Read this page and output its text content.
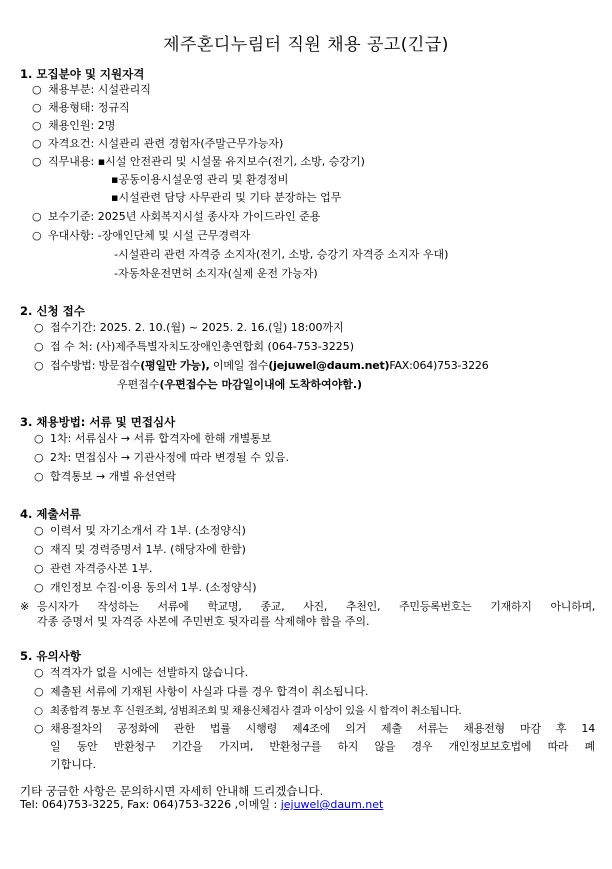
제주혼디누림터 직원 채용 공고(긴급)
1. 모집분야 및 지원자격
○ 채용부분: 시설관리직
○ 채용형태: 정규직
○ 채용인원: 2명
○ 자격요건: 시설관리 관련 경험자(주말근무가능자)
○ 직무내용: ▪시설 안전관리 및 시설물 유지보수(전기, 소방, 승강기)
▪공동이용시설운영 관리 및 환경정비
▪시설관련 담당 사무관리 및 기타 분장하는 업무
○ 보수기준: 2025년 사회복지시설 종사자 가이드라인 준용
○ 우대사항: -장애인단체 및 시설 근무경력자
-시설관리 관련 자격증 소지자(전기, 소방, 승강기 자격증 소지자 우대)
-자동차운전면허 소지자(실제 운전 가능자)
2. 신청 접수
○ 접수기간: 2025. 2. 10.(월) ~ 2025. 2. 16.(일) 18:00까지
○ 접 수 처: (사)제주특별자치도장애인총연합회 (064-753-3225)
○ 접수방법: 방문접수(평일만 가능), 이메일 접수(jejuwel@daum.net)FAX:064)753-3226
우편접수(우편접수는 마감일이내에 도착하여야함.)
3. 채용방법: 서류 및 면접심사
○ 1차: 서류심사 → 서류 합격자에 한해 개별통보
○ 2차: 면접심사 → 기관사정에 따라 변경될 수 있음.
○ 합격통보 → 개별 유선연락
4. 제출서류
○ 이력서 및 자기소개서 각 1부. (소정양식)
○ 재직 및 경력증명서 1부. (해당자에 한함)
○ 관련 자격증사본 1부.
○ 개인정보 수집·이용 동의서 1부. (소정양식)
※ 응시자가 작성하는 서류에 학교명, 종교, 사진, 추천인, 주민등록번호는 기재하지 아니하며,
각종 증명서 및 자격증 사본에 주민번호 뒷자리를 삭제해야 함을 주의.
5. 유의사항
○ 적격자가 없을 시에는 선발하지 않습니다.
○ 제출된 서류에 기재된 사항이 사실과 다를 경우 합격이 취소됩니다.
○ 최종합격 통보 후 신원조회, 성범죄조회 및 채용신체검사 결과 이상이 있을 시 합격이 취소됩니다.
○ 채용절차의 공정화에 관한 법률 시행령 제4조에 의거 제출 서류는 채용전형 마감 후 14
일 동안 반환청구 기간을 가지며, 반환청구를 하지 않을 경우 개인정보보호법에 따라 폐
기합니다.
기타 궁금한 사항은 문의하시면 자세히 안내해 드리겠습니다.
Tel: 064)753-3225, Fax: 064)753-3226 ,이메일 : jejuwel@daum.net
